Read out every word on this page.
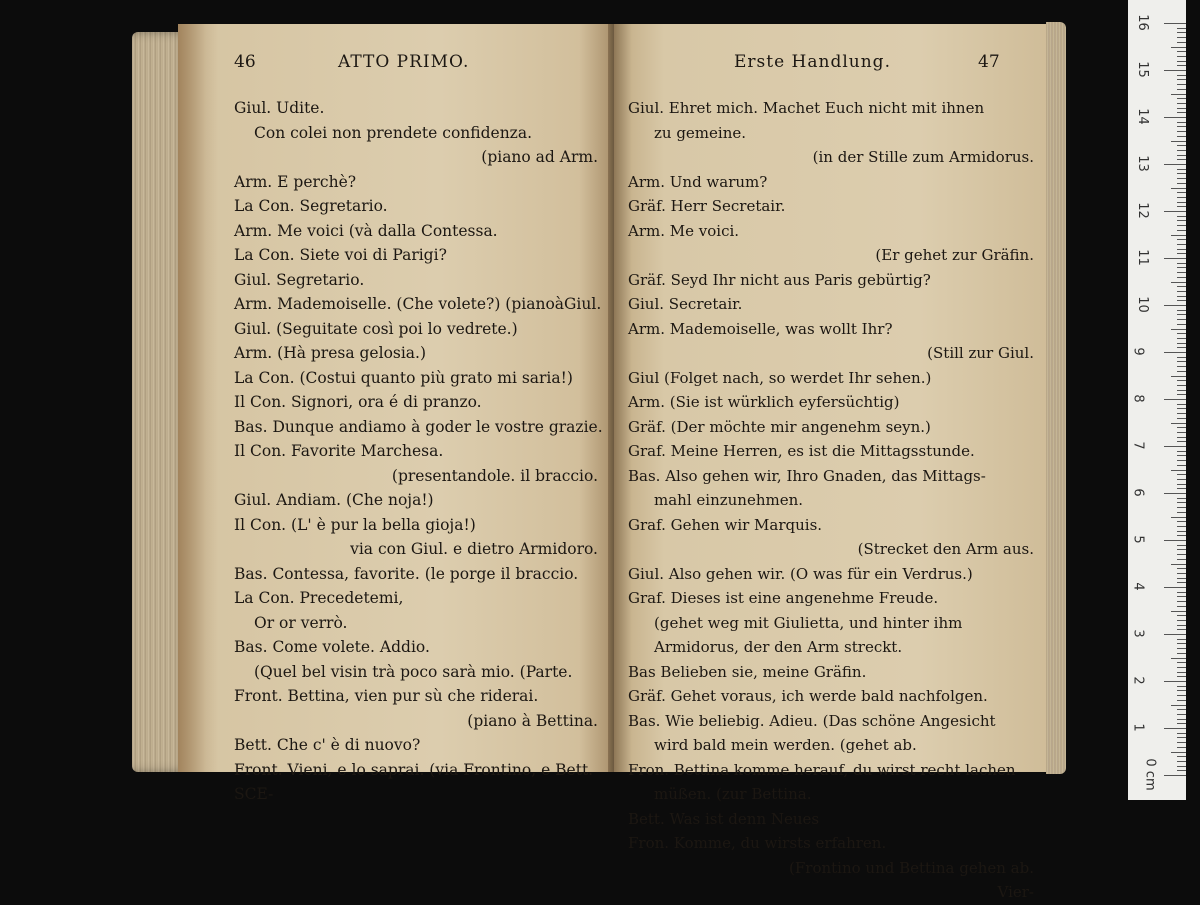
46	ATTO PRIMO.
Giul. Udite.
Con colei non prendete confidenza.
(piano ad Arm.
Arm. E perchè?
La Con. Segretario.
Arm. Me voici (và dalla Contessa.
La Con. Siete voi di Parigi?
Giul. Segretario.
Arm. Mademoiselle. (Che volete?) (pianoàGiul.
Giul. (Seguitate così poi lo vedrete.)
Arm. (Hà presa gelosia.)
La Con. (Costui quanto più grato mi saria!)
Il Con. Signori, ora é di pranzo.
Bas. Dunque andiamo à goder le vostre grazie.
Il Con. Favorite Marchesa.
(presentandole. il braccio.
Giul. Andiam. (Che noja!)
Il Con. (L' è pur la bella gioja!)
via con Giul. e dietro Armidoro.
Bas. Contessa, favorite. (le porge il braccio.
La Con. Precedetemi,
Or or verrò.
Bas. Come volete. Addio.
(Quel bel visin trà poco sarà mio. (Parte.
Front. Bettina, vien pur sù che riderai.
(piano à Bettina.
Bett. Che c' è di nuovo?
Front. Vieni, e lo saprai. (via Frontino, e Bett.
SCE-
Erste Handlung.	47
Giul. Ehret mich. Machet Euch nicht mit ihnen
zu gemeine.
(in der Stille zum Armidorus.
Arm. Und warum?
Gräf. Herr Secretair.
Arm. Me voici.
(Er gehet zur Gräfin.
Gräf. Seyd Ihr nicht aus Paris gebürtig?
Giul. Secretair.
Arm. Mademoiselle, was wollt Ihr?
(Still zur Giul.
Giul (Folget nach, so werdet Ihr sehen.)
Arm. (Sie ist würklich eyfersüchtig)
Gräf. (Der möchte mir angenehm seyn.)
Graf. Meine Herren, es ist die Mittagsstunde.
Bas. Also gehen wir, Ihro Gnaden, das Mittags-
mahl einzunehmen.
Graf. Gehen wir Marquis.
(Strecket den Arm aus.
Giul. Also gehen wir. (O was für ein Verdrus.)
Graf. Dieses ist eine angenehme Freude.
(gehet weg mit Giulietta, und hinter ihm
Armidorus, der den Arm streckt.
Bas Belieben sie, meine Gräfin.
Gräf. Gehet voraus, ich werde bald nachfolgen.
Bas. Wie beliebig. Adieu. (Das schöne Angesicht
wird bald mein werden. (gehet ab.
Fron. Bettina komme herauf, du wirst recht lachen
müßen. (zur Bettina.
Bett. Was ist denn Neues
Fron. Komme, du wirsts erfahren.
(Frontino und Bettina gehen ab.
Vier-
0 cm
1
2
3
4
5
6
7
8
9
10
11
12
13
14
15
16
